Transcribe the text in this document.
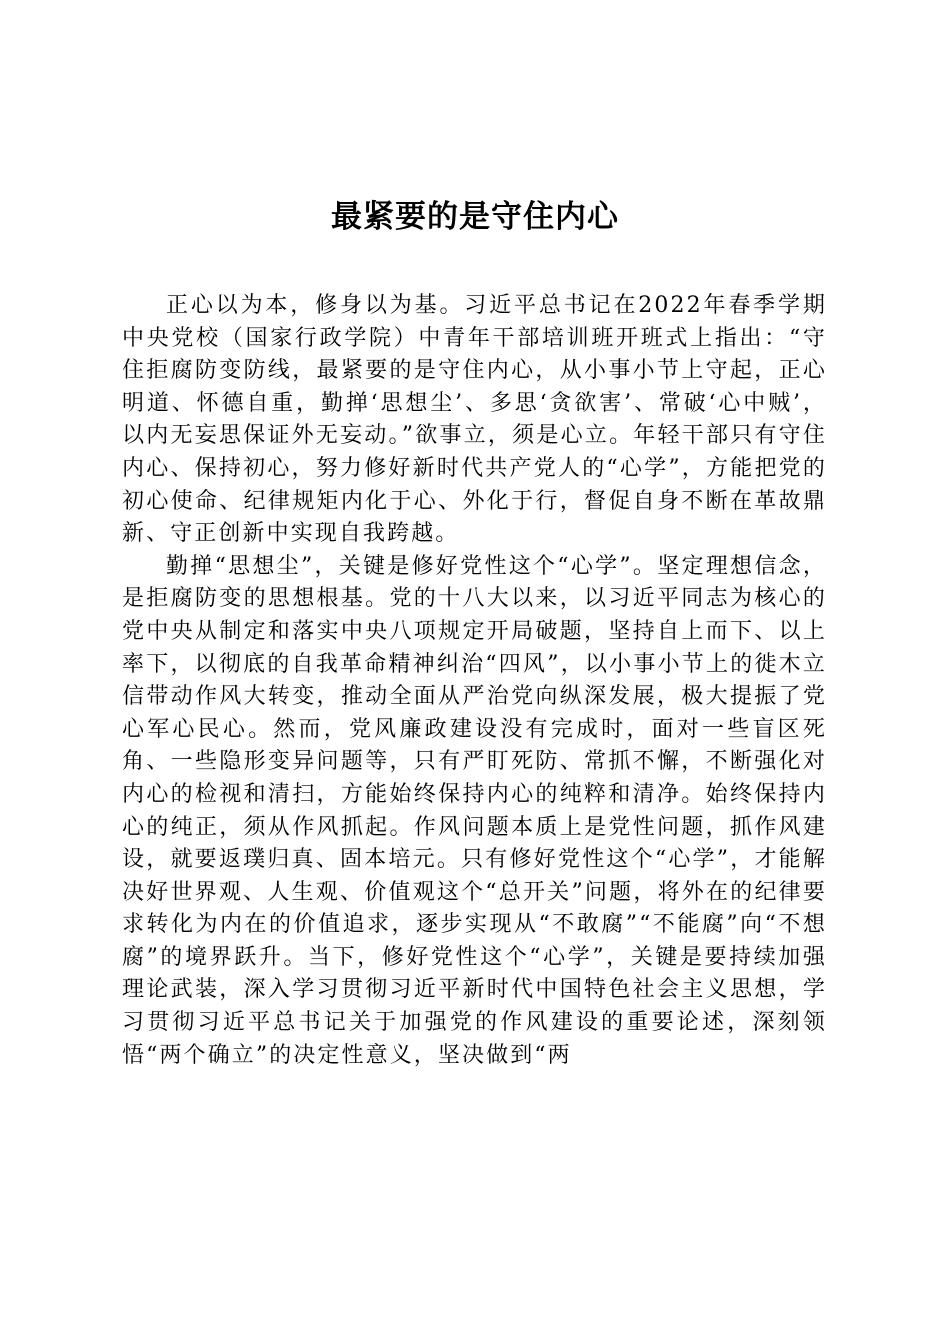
最紧要的是守住内心

正心以为本，修身以为基。习近平总书记在2022年春季学期中央党校（国家行政学院）中青年干部培训班开班式上指出：“守住拒腐防变防线，最紧要的是守住内心，从小事小节上守起，正心明道、怀德自重，勤掸‘思想尘’、多思‘贪欲害’、常破‘心中贼’，以内无妄思保证外无妄动。”欲事立，须是心立。年轻干部只有守住内心、保持初心，努力修好新时代共产党人的“心学”，方能把党的初心使命、纪律规矩内化于心、外化于行，督促自身不断在革故鼎新、守正创新中实现自我跨越。

勤掸“思想尘”，关键是修好党性这个“心学”。坚定理想信念，是拒腐防变的思想根基。党的十八大以来，以习近平同志为核心的党中央从制定和落实中央八项规定开局破题，坚持自上而下、以上率下，以彻底的自我革命精神纠治“四风”，以小事小节上的徙木立信带动作风大转变，推动全面从严治党向纵深发展，极大提振了党心军心民心。然而，党风廉政建设没有完成时，面对一些盲区死角、一些隐形变异问题等，只有严盯死防、常抓不懈，不断强化对内心的检视和清扫，方能始终保持内心的纯粹和清净。始终保持内心的纯正，须从作风抓起。作风问题本质上是党性问题，抓作风建设，就要返璞归真、固本培元。只有修好党性这个“心学”，才能解决好世界观、人生观、价值观这个“总开关”问题，将外在的纪律要求转化为内在的价值追求，逐步实现从“不敢腐”“不能腐”向“不想腐”的境界跃升。当下，修好党性这个“心学”，关键是要持续加强理论武装，深入学习贯彻习近平新时代中国特色社会主义思想，学习贯彻习近平总书记关于加强党的作风建设的重要论述，深刻领悟“两个确立”的决定性意义，坚决做到“两
